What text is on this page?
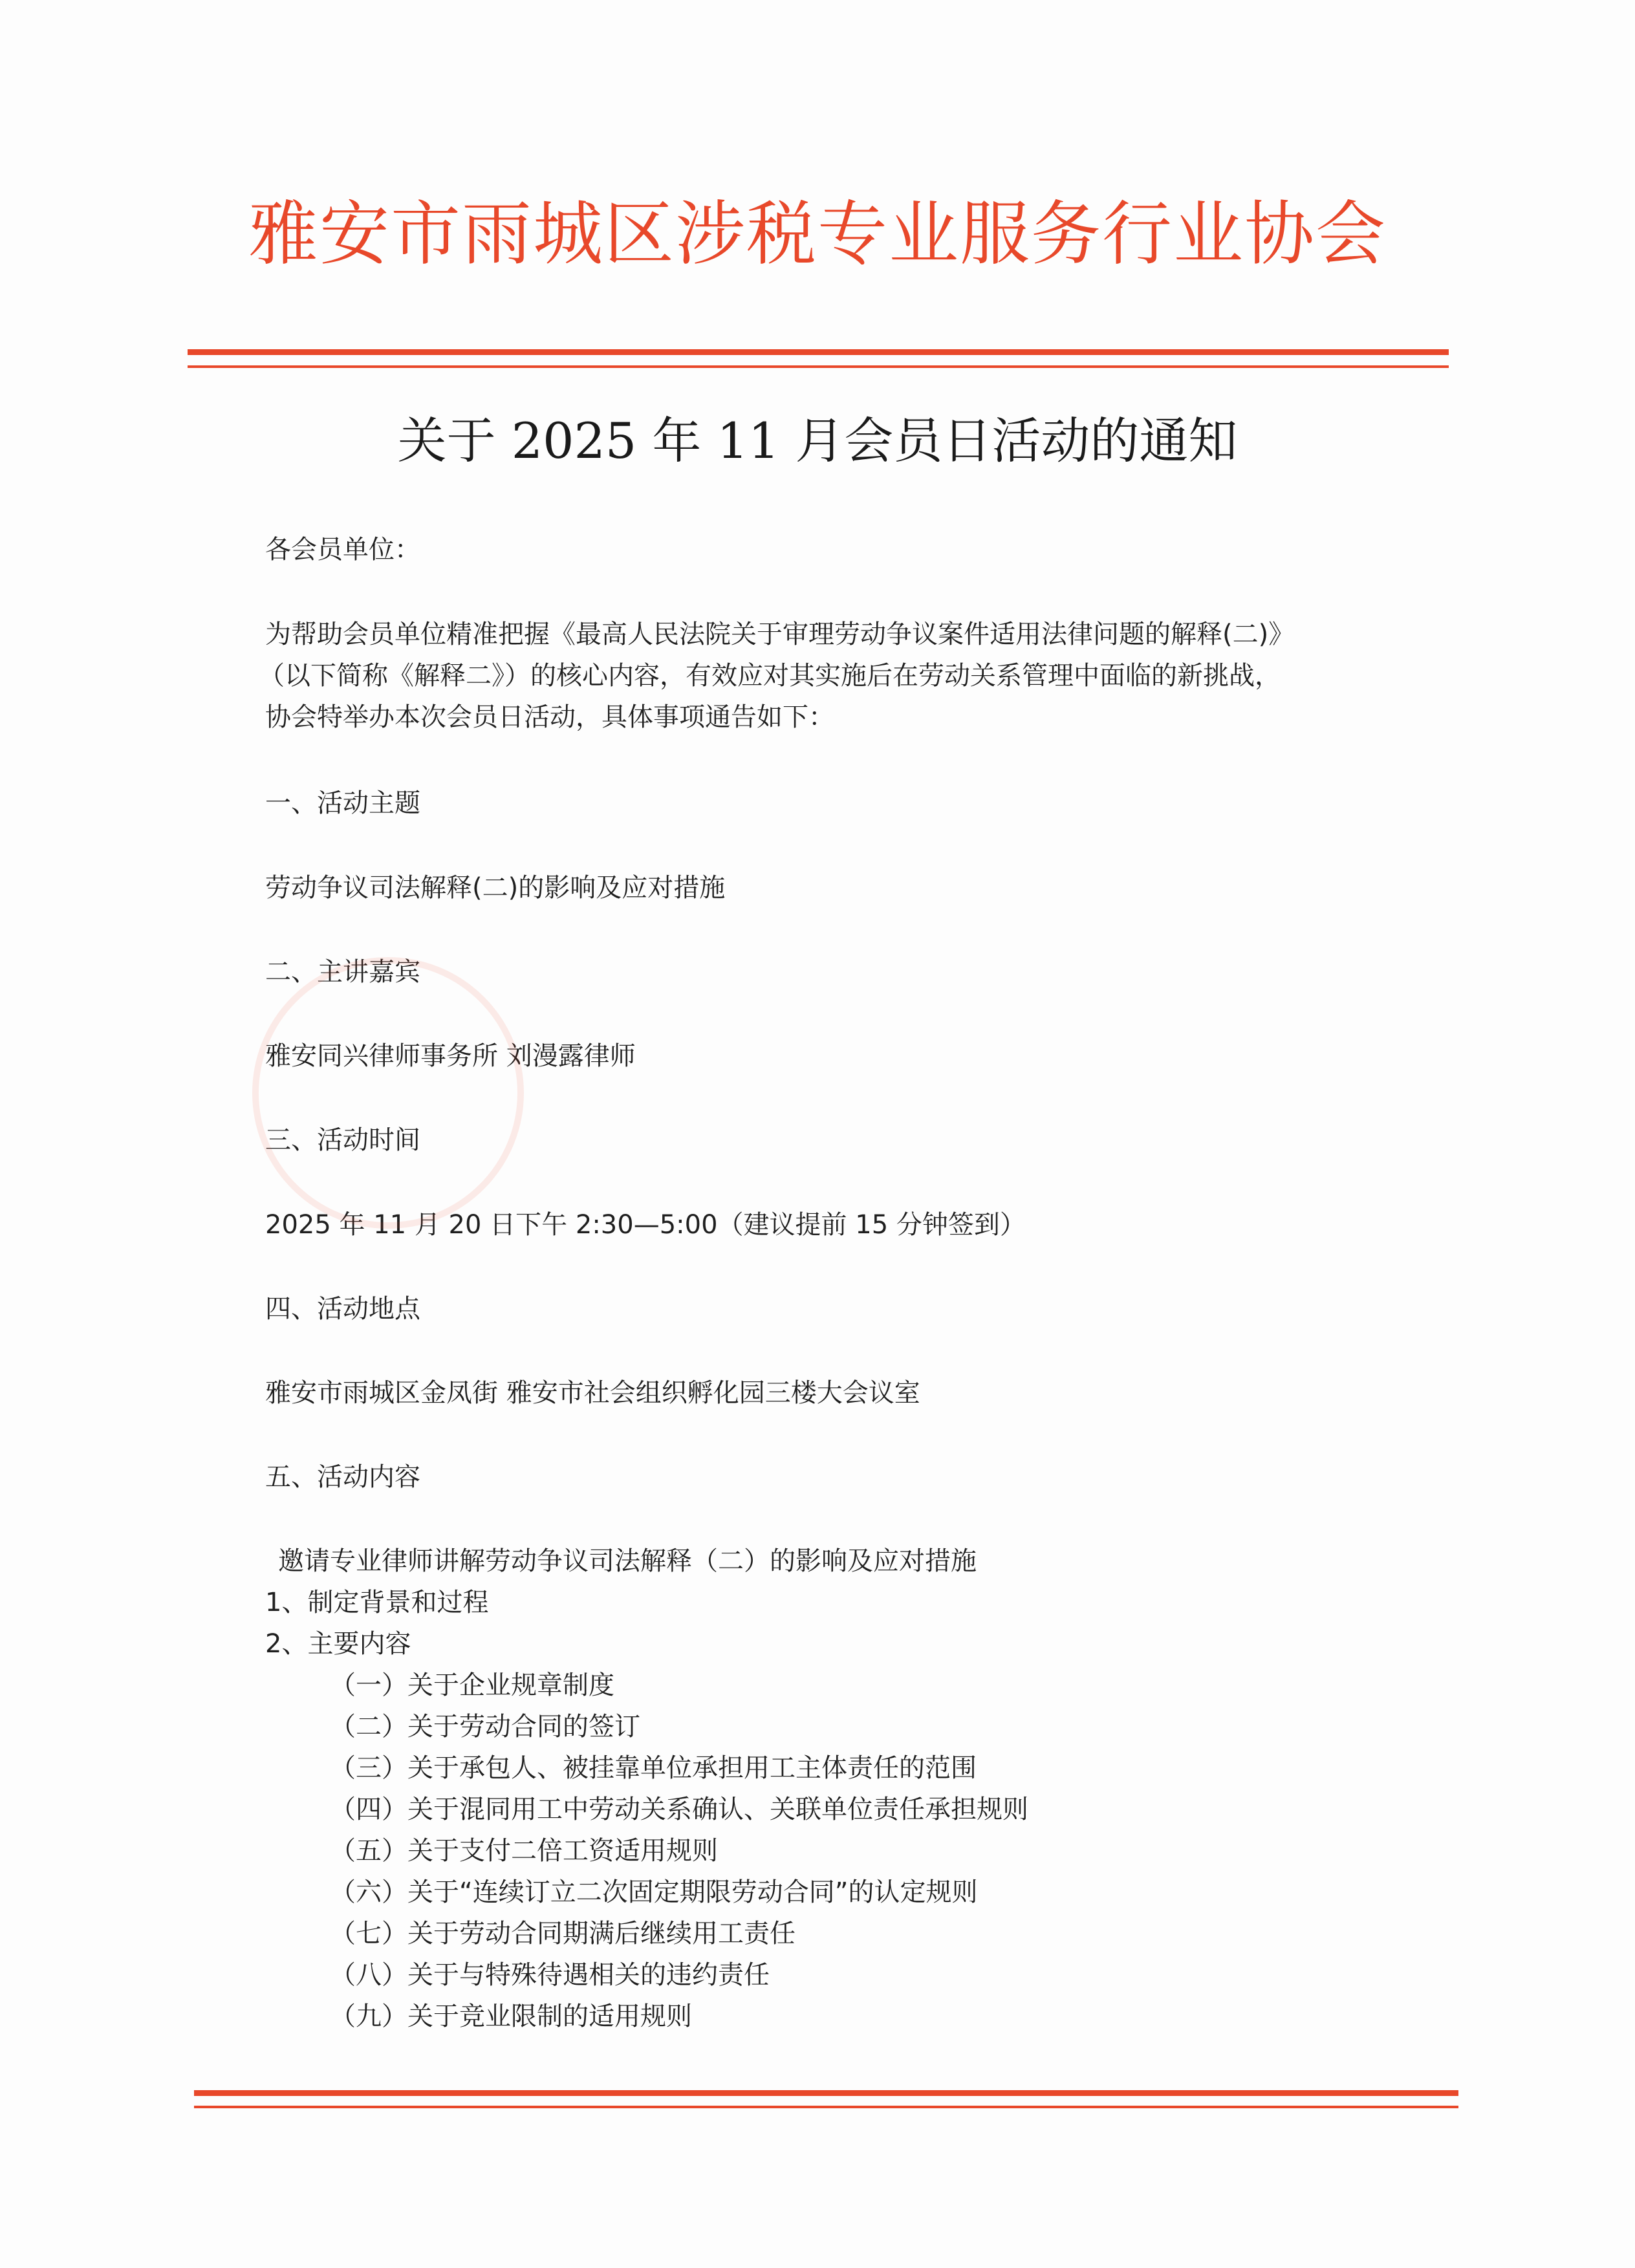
雅安市雨城区涉税专业服务行业协会
关于 2025 年 11 月会员日活动的通知
各会员单位：
为帮助会员单位精准把握《最高人民法院关于审理劳动争议案件适用法律问题的解释(二)》
（以下简称《解释二》）的核心内容，有效应对其实施后在劳动关系管理中面临的新挑战，
协会特举办本次会员日活动，具体事项通告如下：
一、活动主题
劳动争议司法解释(二)的影响及应对措施
二、主讲嘉宾
雅安同兴律师事务所 刘漫露律师
三、活动时间
2025 年 11 月 20 日下午 2:30—5:00（建议提前 15 分钟签到）
四、活动地点
雅安市雨城区金凤街 雅安市社会组织孵化园三楼大会议室
五、活动内容
邀请专业律师讲解劳动争议司法解释（二）的影响及应对措施
1、制定背景和过程
2、主要内容
（一）关于企业规章制度
（二）关于劳动合同的签订
（三）关于承包人、被挂靠单位承担用工主体责任的范围
（四）关于混同用工中劳动关系确认、关联单位责任承担规则
（五）关于支付二倍工资适用规则
（六）关于“连续订立二次固定期限劳动合同”的认定规则
（七）关于劳动合同期满后继续用工责任
（八）关于与特殊待遇相关的违约责任
（九）关于竞业限制的适用规则
